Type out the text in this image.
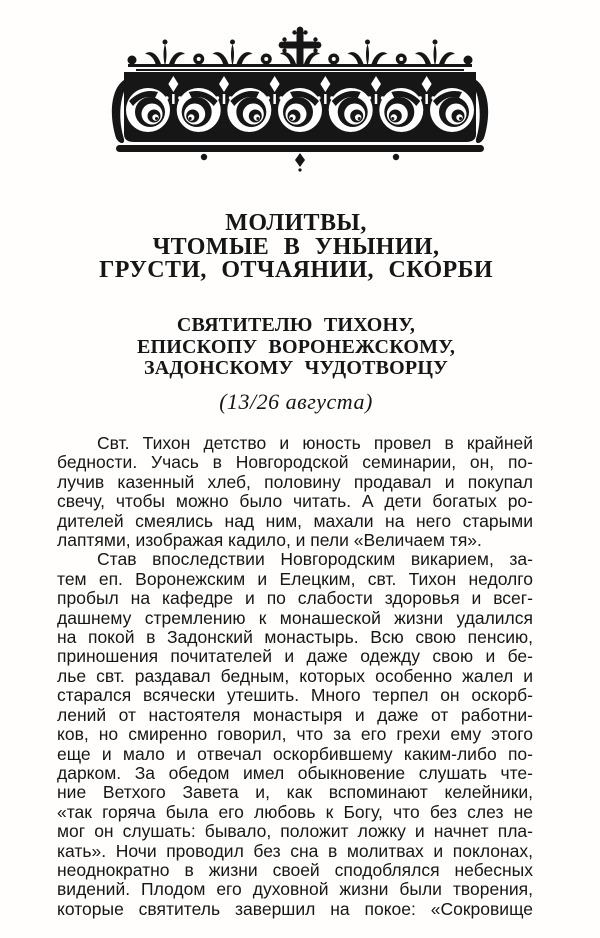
МОЛИТВЫ,
ЧТОМЫЕ В УНЫНИИ,
ГРУСТИ, ОТЧАЯНИИ, СКОРБИ
СВЯТИТЕЛЮ ТИХОНУ,
ЕПИСКОПУ ВОРОНЕЖСКОМУ,
ЗАДОНСКОМУ ЧУДОТВОРЦУ
(13/26 августа)
Свт. Тихон детство и юность провел в крайней
бедности. Учась в Новгородской семинарии, он, по-
лучив казенный хлеб, половину продавал и покупал
свечу, чтобы можно было читать. А дети богатых ро-
дителей смеялись над ним, махали на него старыми
лаптями, изображая кадило, и пели «Величаем тя».
Став впоследствии Новгородским викарием, за-
тем еп. Воронежским и Елецким, свт. Тихон недолго
пробыл на кафедре и по слабости здоровья и всег-
дашнему стремлению к монашеской жизни удалился
на покой в Задонский монастырь. Всю свою пенсию,
приношения почитателей и даже одежду свою и бе-
лье свт. раздавал бедным, которых особенно жалел и
старался всячески утешить. Много терпел он оскорб-
лений от настоятеля монастыря и даже от работни-
ков, но смиренно говорил, что за его грехи ему этого
еще и мало и отвечал оскорбившему каким-либо по-
дарком. За обедом имел обыкновение слушать чте-
ние Ветхого Завета и, как вспоминают келейники,
«так горяча была его любовь к Богу, что без слез не
мог он слушать: бывало, положит ложку и начнет пла-
кать». Ночи проводил без сна в молитвах и поклонах,
неоднократно в жизни своей сподоблялся небесных
видений. Плодом его духовной жизни были творения,
которые святитель завершил на покое: «Сокровище
